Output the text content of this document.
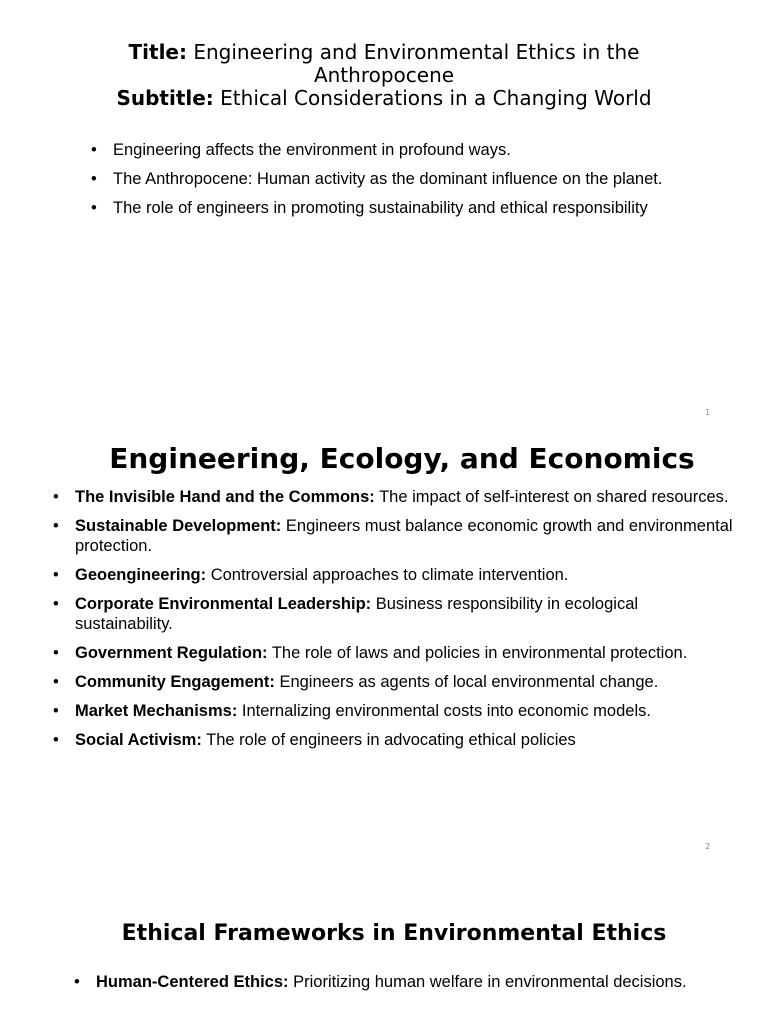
Title: Engineering and Environmental Ethics in the Anthropocene
Subtitle: Ethical Considerations in a Changing World
• Engineering affects the environment in profound ways.
• The Anthropocene: Human activity as the dominant influence on the planet.
• The role of engineers in promoting sustainability and ethical responsibility
1
Engineering, Ecology, and Economics
• The Invisible Hand and the Commons: The impact of self-interest on shared resources.
• Sustainable Development: Engineers must balance economic growth and environmental protection.
• Geoengineering: Controversial approaches to climate intervention.
• Corporate Environmental Leadership: Business responsibility in ecological sustainability.
• Government Regulation: The role of laws and policies in environmental protection.
• Community Engagement: Engineers as agents of local environmental change.
• Market Mechanisms: Internalizing environmental costs into economic models.
• Social Activism: The role of engineers in advocating ethical policies
2
Ethical Frameworks in Environmental Ethics
• Human-Centered Ethics: Prioritizing human welfare in environmental decisions.
